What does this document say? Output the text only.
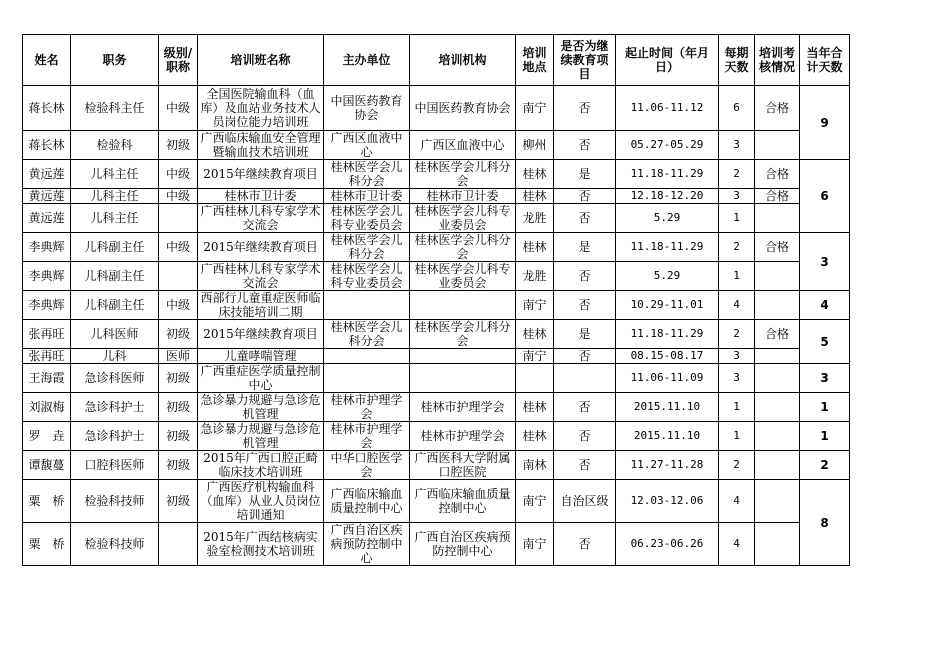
姓名	职务	级别/职称	培训班名称	主办单位	培训机构	培训地点	是否为继续教育项目	起止时间（年月日）	每期天数	培训考核情况	当年合计天数
蒋长林	检验科主任	中级	全国医院输血科（血库）及血站业务技术人员岗位能力培训班	中国医药教育协会	中国医药教育协会	南宁	否	11.06-11.12	6	合格	9
蒋长林	检验科	初级	广西临床输血安全管理暨输血技术培训班	广西区血液中心	广西区血液中心	柳州	否	05.27-05.29	3		
黄远莲	儿科主任	中级	2015年继续教育项目	桂林医学会儿科分会	桂林医学会儿科分会	桂林	是	11.18-11.29	2	合格	6
黄远莲	儿科主任	中级	桂林市卫计委	桂林市卫计委	桂林市卫计委	桂林	否	12.18-12.20	3	合格	
黄远莲	儿科主任		广西桂林儿科专家学术交流会	桂林医学会儿科专业委员会	桂林医学会儿科专业委员会	龙胜	否	5.29	1		
李典辉	儿科副主任	中级	2015年继续教育项目	桂林医学会儿科分会	桂林医学会儿科分会	桂林	是	11.18-11.29	2	合格	3
李典辉	儿科副主任		广西桂林儿科专家学术交流会	桂林医学会儿科专业委员会	桂林医学会儿科专业委员会	龙胜	否	5.29	1		
李典辉	儿科副主任	中级	西部行儿童重症医师临床技能培训二期			南宁	否	10.29-11.01	4		4
张再旺	儿科医师	初级	2015年继续教育项目	桂林医学会儿科分会	桂林医学会儿科分会	桂林	是	11.18-11.29	2	合格	5
张再旺	儿科	医师	儿童哮喘管理			南宁	否	08.15-08.17	3		
王海霞	急诊科医师	初级	广西重症医学质量控制中心					11.06-11.09	3		3
刘淑梅	急诊科护士	初级	急诊暴力规避与急诊危机管理	桂林市护理学会	桂林市护理学会	桂林	否	2015.11.10	1		1
罗　垚	急诊科护士	初级	急诊暴力规避与急诊危机管理	桂林市护理学会	桂林市护理学会	桂林	否	2015.11.10	1		1
谭馥蔓	口腔科医师	初级	2015年广西口腔正畸临床技术培训班	中华口腔医学会	广西医科大学附属口腔医院	南林	否	11.27-11.28	2		2
粟　桥	检验科技师	初级	广西医疗机构输血科（血库）从业人员岗位培训通知	广西临床输血质量控制中心	广西临床输血质量控制中心	南宁	自治区级	12.03-12.06	4		8
粟　桥	检验科技师		2015年广西结核病实验室检测技术培训班	广西自治区疾病预防控制中心	广西自治区疾病预防控制中心	南宁	否	06.23-06.26	4		
